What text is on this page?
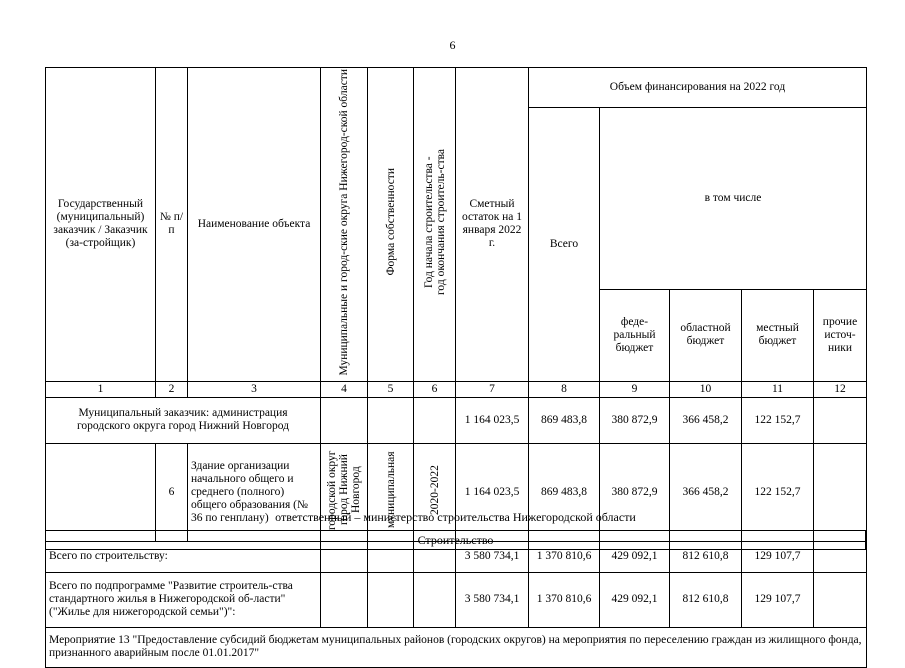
6
Государственный (муниципальный) заказчик / Заказчик (за-стройщик)	№ п/п	Наименование объекта	Муниципальные и город-ские округа Нижегород-ской области	Форма собственности	Год начала строительства - год окончания строитель-ства	Сметный остаток на 1 января 2022 г.	Объем финансирования на 2022 год				
							Всего	в том числе			
								феде-ральный бюджет	областной бюджет	местный бюджет	прочие источ-ники
1	2	3	4	5	6	7	8	9	10	11	12
Муниципальный заказчик: администрация городского округа город Нижний Новгород						1 164 023,5	869 483,8	380 872,9	366 458,2	122 152,7	
	6	Здание организации начального общего и среднего (полного) общего образования (№ 36 по генплану)	городской округ город Нижний Новгород	муниципальная	2020-2022	1 164 023,5	869 483,8	380 872,9	366 458,2	122 152,7	
Всего по строительству:						3 580 734,1	1 370 810,6	429 092,1	812 610,8	129 107,7	
Всего по подпрограмме "Развитие строитель-ства стандартного жилья в Нижегородской об-ласти" ("Жилье для нижегородской семьи")":						3 580 734,1	1 370 810,6	429 092,1	812 610,8	129 107,7	
Мероприятие 13 "Предоставление субсидий бюджетам муниципальных районов (городских округов) на мероприятия по переселению граждан из жилищного фонда, признанного аварийным после 01.01.2017"											
ответственный – министерство строительства Нижегородской области
Строительство
